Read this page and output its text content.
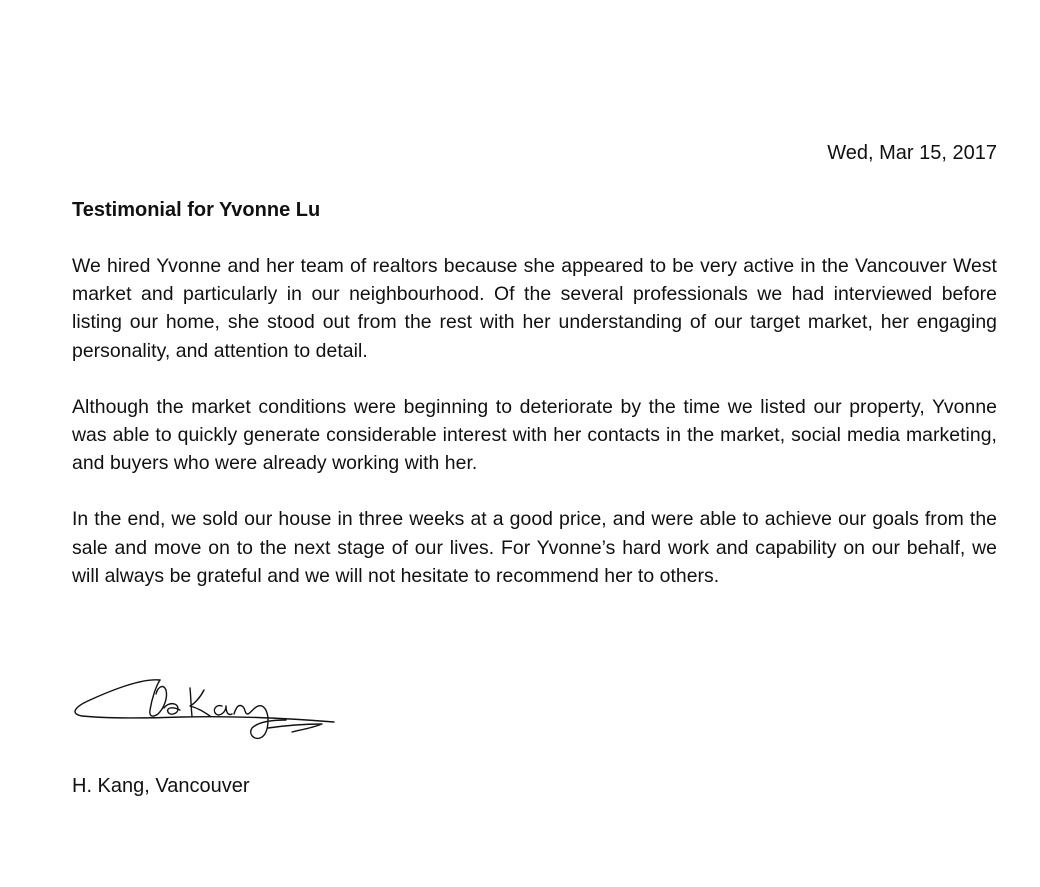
Wed, Mar 15, 2017
Testimonial for Yvonne Lu

We hired Yvonne and her team of realtors because she appeared to be very active in the Vancouver West market and particularly in our neighbourhood. Of the several professionals we had interviewed before listing our home, she stood out from the rest with her understanding of our target market, her engaging personality, and attention to detail.

Although the market conditions were beginning to deteriorate by the time we listed our property, Yvonne was able to quickly generate considerable interest with her contacts in the market, social media marketing, and buyers who were already working with her.

In the end, we sold our house in three weeks at a good price, and were able to achieve our goals from the sale and move on to the next stage of our lives. For Yvonne’s hard work and capability on our behalf, we will always be grateful and we will not hesitate to recommend her to others.

H. Kang, Vancouver
